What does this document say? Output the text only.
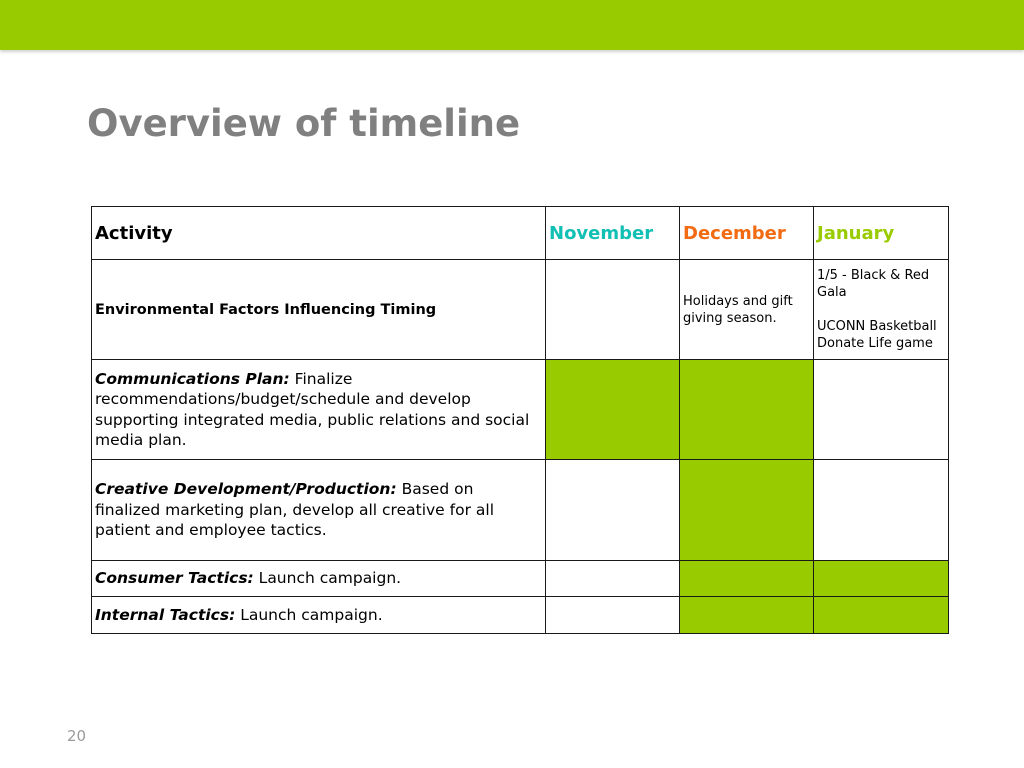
Overview of timeline
Activity	November	December	January
Environmental Factors Influencing Timing		Holidays and gift giving season.	1/5 - Black & Red Gala
UCONN Basketball Donate Life game
Communications Plan: Finalize recommendations/budget/schedule and develop supporting integrated media, public relations and social media plan.			
Creative Development/Production: Based on finalized marketing plan, develop all creative for all patient and employee tactics.			
Consumer Tactics: Launch campaign.			
Internal Tactics: Launch campaign.			
20
